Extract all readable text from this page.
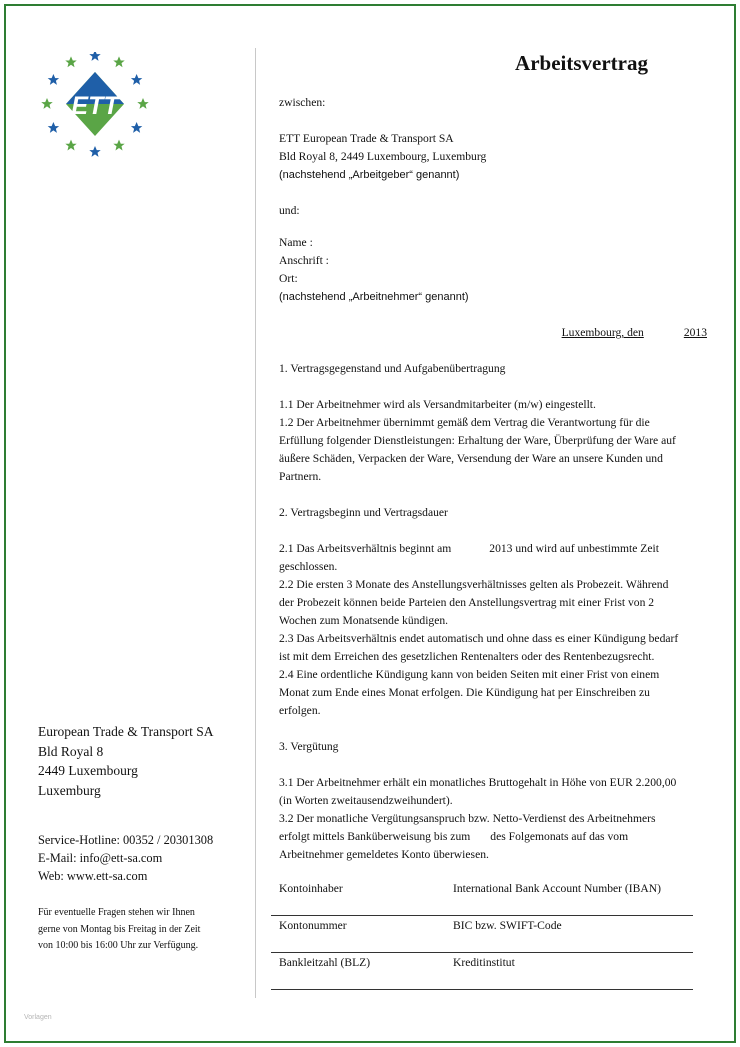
ETT
European Trade & Transport SA
Bld Royal 8
2449 Luxembourg
Luxemburg
Service-Hotline: 00352 / 20301308
E-Mail: info@ett-sa.com
Web: www.ett-sa.com
Für eventuelle Fragen stehen wir Ihnen
gerne von Montag bis Freitag in der Zeit
von 10:00 bis 16:00 Uhr zur Verfügung.
Vorlagen
Arbeitsvertrag
zwischen:
ETT European Trade & Transport SA
Bld Royal 8, 2449 Luxembourg, Luxemburg
(nachstehend „Arbeitgeber“ genannt)
und:
Name :
Anschrift :
Ort:
(nachstehend „Arbeitnehmer“ genannt)
Luxembourg, den	2013
1. Vertragsgegenstand und Aufgabenübertragung
1.1 Der Arbeitnehmer wird als Versandmitarbeiter (m/w) eingestellt.
1.2 Der Arbeitnehmer übernimmt gemäß dem Vertrag die Verantwortung für die
Erfüllung folgender Dienstleistungen: Erhaltung der Ware, Überprüfung der Ware auf
äußere Schäden, Verpacken der Ware, Versendung der Ware an unsere Kunden und
Partnern.
2. Vertragsbeginn und Vertragsdauer
2.1 Das Arbeitsverhältnis beginnt am	2013 und wird auf unbestimmte Zeit
geschlossen.
2.2 Die ersten 3 Monate des Anstellungsverhältnisses gelten als Probezeit. Während
der Probezeit können beide Parteien den Anstellungsvertrag mit einer Frist von 2
Wochen zum Monatsende kündigen.
2.3 Das Arbeitsverhältnis endet automatisch und ohne dass es einer Kündigung bedarf
ist mit dem Erreichen des gesetzlichen Rentenalters oder des Rentenbezugsrecht.
2.4 Eine ordentliche Kündigung kann von beiden Seiten mit einer Frist von einem
Monat zum Ende eines Monat erfolgen. Die Kündigung hat per Einschreiben zu
erfolgen.
3. Vergütung
3.1 Der Arbeitnehmer erhält ein monatliches Bruttogehalt in Höhe von EUR 2.200,00
(in Worten zweitausendzweihundert).
3.2 Der monatliche Vergütungsanspruch bzw. Netto-Verdienst des Arbeitnehmers
erfolgt mittels Banküberweisung bis zum des Folgemonats auf das vom
Arbeitnehmer gemeldetes Konto überwiesen.
Kontoinhaber	International Bank Account Number (IBAN)
Kontonummer	BIC bzw. SWIFT-Code
Bankleitzahl (BLZ)	Kreditinstitut
